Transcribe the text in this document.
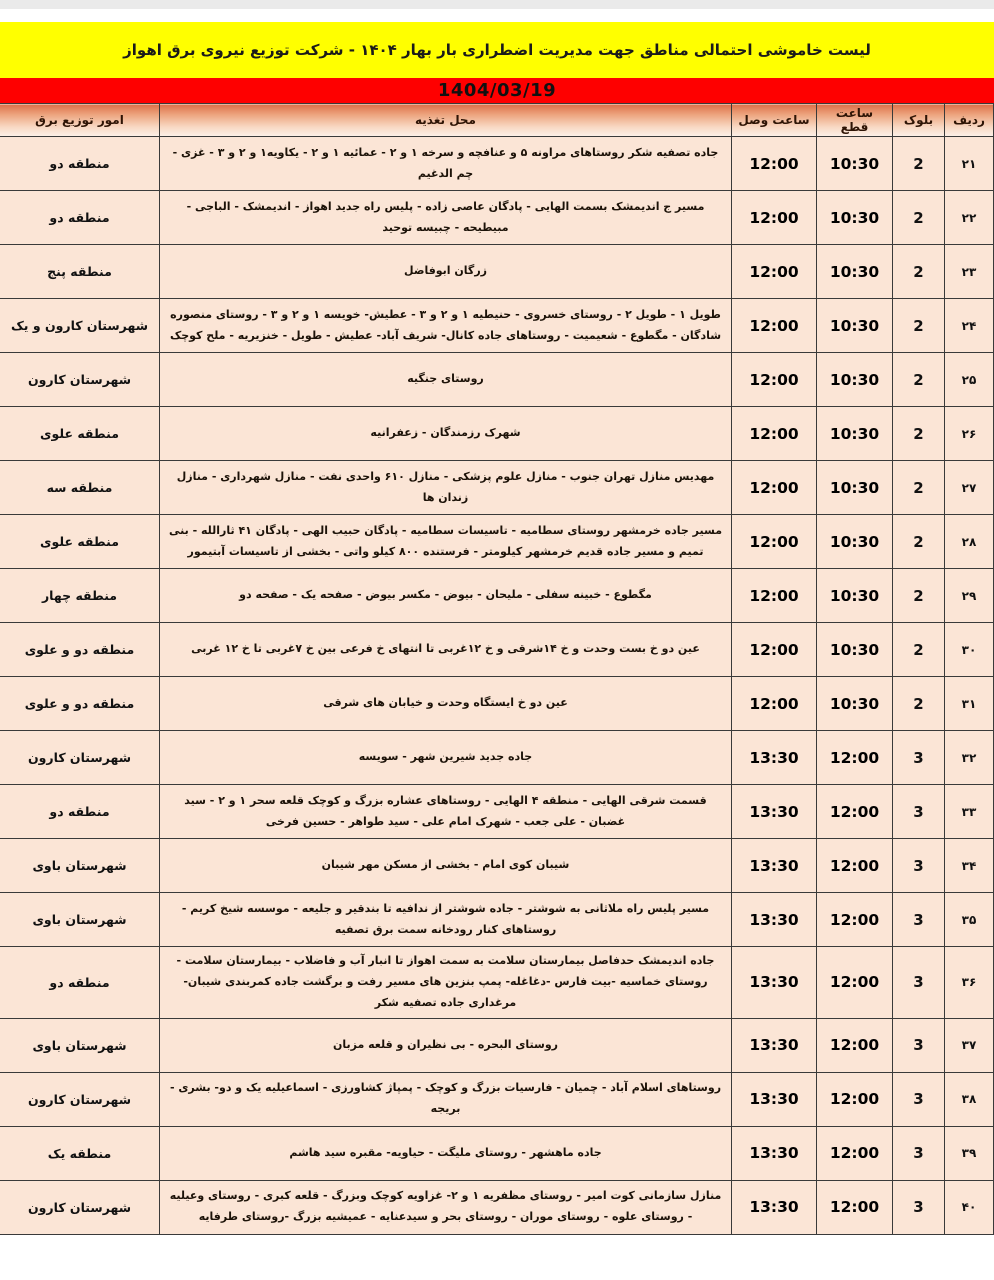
لیست خاموشی احتمالی مناطق جهت مدیریت اضطراری بار بهار ۱۴۰۴ - شرکت توزیع نیروی برق اهواز
1404/03/19
ردیف	بلوک	ساعت قطع	ساعت وصل	محل تغذیه	امور توزیع برق
۲۱	2	10:30	12:00	جاده تصفیه شکر روستاهای مراونه ۵ و عنافچه و سرخه ۱ و ۲ - عمائیه ۱ و ۲ - یکاویه۱ و ۲ و ۳ - غزی - چم الدغیم	منطقه دو
۲۲	2	10:30	12:00	مسیر ج اندیمشک بسمت الهایی - پادگان عاصی زاده - پلیس راه جدید اهواز - اندیمشک - الباجی - مبیطیحه - چبیسه توحید	منطقه دو
۲۳	2	10:30	12:00	زرگان ابوفاضل	منطقه پنج
۲۴	2	10:30	12:00	طویل ۱ - طویل ۲ - روستای خسروی - حنیطیه ۱ و ۲ و ۳ - عطیش- خویسه ۱ و ۲ و ۳ - روستای منصوره شادگان - مگطوع - شعیمیت - روستاهای جاده کانال- شریف آباد- عطیش - طویل - خنزیریه - ملح کوچک	شهرستان کارون و یک
۲۵	2	10:30	12:00	روستای جنگیه	شهرستان کارون
۲۶	2	10:30	12:00	شهرک رزمندگان - زعفرانیه	منطقه علوی
۲۷	2	10:30	12:00	مهدیس منازل تهران جنوب - منازل علوم پزشکی - منازل ۶۱۰ واحدی نفت - منازل شهرداری - منازل زندان ها	منطقه سه
۲۸	2	10:30	12:00	مسیر جاده خرمشهر روستای سطامیه - تاسیسات سطامیه - پادگان حبیب الهی - پادگان ۴۱ ثارالله - بنی تمیم و مسیر جاده قدیم خرمشهر کیلومتر - فرستنده ۸۰۰ کیلو واتی - بخشی از تاسیسات آبتیمور	منطقه علوی
۲۹	2	10:30	12:00	مگطوع - خبینه سفلی - ملیحان - بیوض - مکسر بیوض - صفحه یک - صفحه دو	منطقه چهار
۳۰	2	10:30	12:00	عین دو خ بست وحدت و خ ۱۴شرقی و خ ۱۲غربی تا انتهای خ فرعی بین خ ۷غربی تا خ ۱۲ غربی	منطقه دو و علوی
۳۱	2	10:30	12:00	عین دو خ ایستگاه وحدت و خیابان های شرقی	منطقه دو و علوی
۳۲	3	12:00	13:30	جاده جدید شیرین شهر - سویسه	شهرستان کارون
۳۳	3	12:00	13:30	قسمت شرقی الهایی - منطقه ۴ الهایی - روستاهای عشاره بزرگ و کوچک قلعه سحر ۱ و ۲ - سید غضبان - علی جعب - شهرک امام علی - سید طواهر - حسین فرخی	منطقه دو
۳۴	3	12:00	13:30	شیبان کوی امام - بخشی از مسکن مهر شیبان	شهرستان باوی
۳۵	3	12:00	13:30	مسیر پلیس راه ملاثانی به شوشتر - جاده شوشتر از ندافیه تا بندقیر و جلیعه - موسسه شیخ کریم - روستاهای کنار رودخانه سمت برق تصفیه	شهرستان باوی
۳۶	3	12:00	13:30	جاده اندیمشک حدفاصل بیمارستان سلامت به سمت اهواز تا انبار آب و فاضلاب - بیمارستان سلامت - روستای خماسیه -بیت فارس -دغاغله- پمپ بنزین های مسیر رفت و برگشت جاده کمربندی شیبان- مرغداری جاده تصفیه شکر	منطقه دو
۳۷	3	12:00	13:30	روستای البحره - بی نظیران و قلعه مزبان	شهرستان باوی
۳۸	3	12:00	13:30	روستاهای اسلام آباد - چمیان - فارسیات بزرگ و کوچک - پمپاژ کشاورزی - اسماعیلیه یک و دو- بشری - بریجه	شهرستان کارون
۳۹	3	12:00	13:30	جاده ماهشهر - روستای ملیگت - حیاویه- مقبره سید هاشم	منطقه یک
۴۰	3	12:00	13:30	منازل سازمانی کوت امیر - روستای مظفریه ۱ و ۲- غزاویه کوچک وبزرگ - قلعه کبری - روستای وعیلیه - روستای علوه - روستای موران - روستای بحر و سیدعنایه - عمیشیه بزرگ -روستای طرفایه	شهرستان کارون
